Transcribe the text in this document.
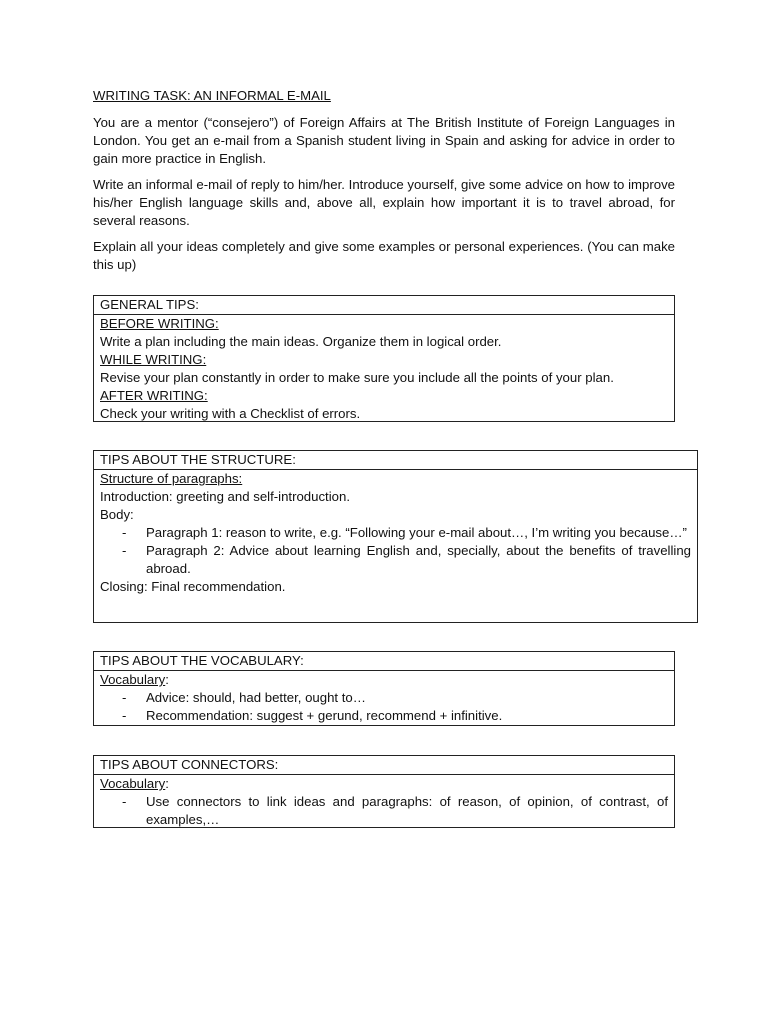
WRITING TASK: AN INFORMAL E-MAIL
You are a mentor (“consejero”) of Foreign Affairs at The British Institute of Foreign Languages in London. You get an e-mail from a Spanish student living in Spain and asking for advice in order to gain more practice in English.
Write an informal e-mail of reply to him/her. Introduce yourself, give some advice on how to improve his/her English language skills and, above all, explain how important it is to travel abroad, for several reasons.
Explain all your ideas completely and give some examples or personal experiences. (You can make this up)
GENERAL TIPS:
BEFORE WRITING:
Write a plan including the main ideas. Organize them in logical order.
WHILE WRITING:
Revise your plan constantly in order to make sure you include all the points of your plan.
AFTER WRITING:
Check your writing with a Checklist of errors.
TIPS ABOUT THE STRUCTURE:
Structure of paragraphs:
Introduction: greeting and self-introduction.
Body:
- Paragraph 1: reason to write, e.g. “Following your e-mail about…, I’m writing you because…”
- Paragraph 2: Advice about learning English and, specially, about the benefits of travelling abroad.
Closing: Final recommendation.
TIPS ABOUT THE VOCABULARY:
Vocabulary:
- Advice: should, had better, ought to…
- Recommendation: suggest + gerund, recommend + infinitive.
TIPS ABOUT CONNECTORS:
Vocabulary:
- Use connectors to link ideas and paragraphs: of reason, of opinion, of contrast, of examples,…
